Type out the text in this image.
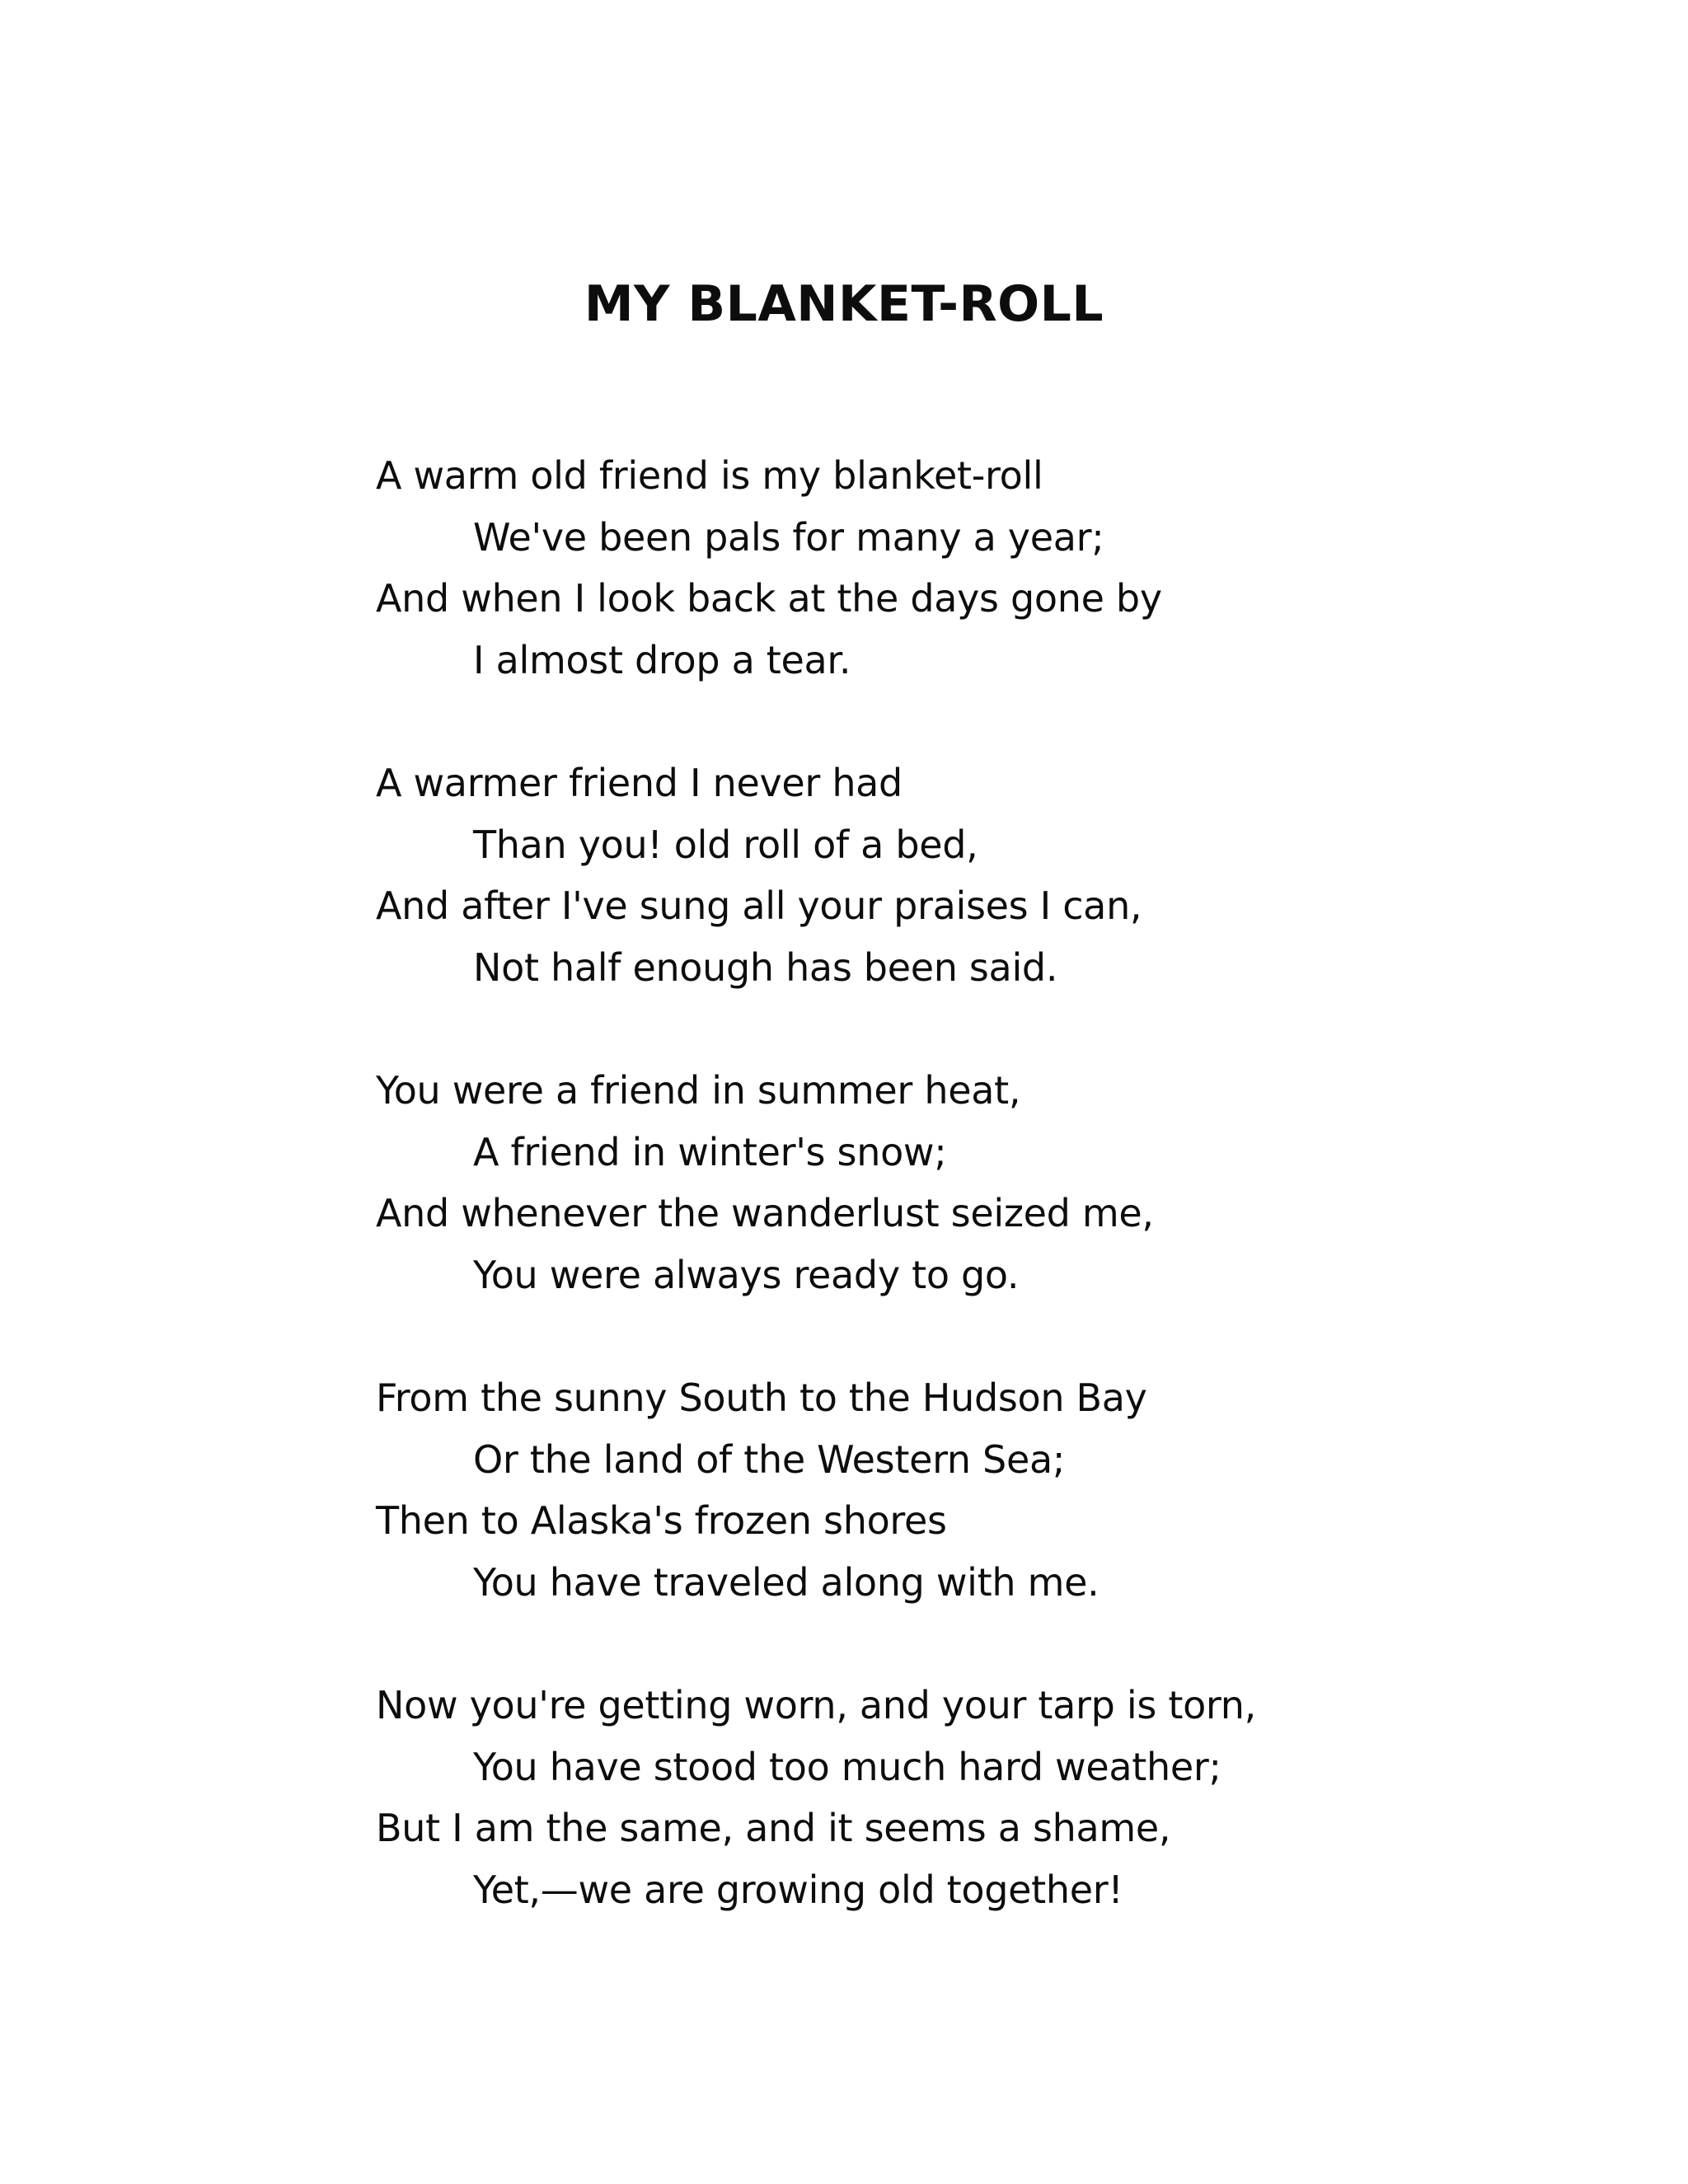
MY BLANKET-ROLL
A warm old friend is my blanket-roll
We've been pals for many a year;
And when I look back at the days gone by
I almost drop a tear.
A warmer friend I never had
Than you! old roll of a bed,
And after I've sung all your praises I can,
Not half enough has been said.
You were a friend in summer heat,
A friend in winter's snow;
And whenever the wanderlust seized me,
You were always ready to go.
From the sunny South to the Hudson Bay
Or the land of the Western Sea;
Then to Alaska's frozen shores
You have traveled along with me.
Now you're getting worn, and your tarp is torn,
You have stood too much hard weather;
But I am the same, and it seems a shame,
Yet,—we are growing old together!
